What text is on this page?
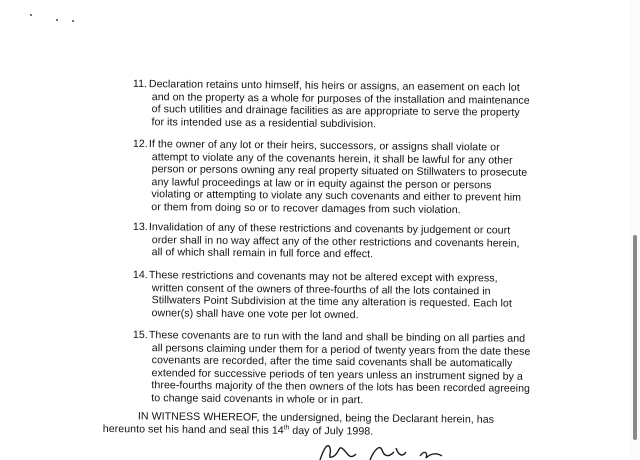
11. Declaration retains unto himself, his heirs or assigns, an easement on each lot
and on the property as a whole for purposes of the installation and maintenance
of such utilities and drainage facilities as are appropriate to serve the property
for its intended use as a residential subdivision.
12. If the owner of any lot or their heirs, successors, or assigns shall violate or
attempt to violate any of the covenants herein, it shall be lawful for any other
person or persons owning any real property situated on Stillwaters to prosecute
any lawful proceedings at law or in equity against the person or persons
violating or attempting to violate any such covenants and either to prevent him
or them from doing so or to recover damages from such violation.
13. Invalidation of any of these restrictions and covenants by judgement or court
order shall in no way affect any of the other restrictions and covenants herein,
all of which shall remain in full force and effect.
14. These restrictions and covenants may not be altered except with express,
written consent of the owners of three-fourths of all the lots contained in
Stillwaters Point Subdivision at the time any alteration is requested. Each lot
owner(s) shall have one vote per lot owned.
15. These covenants are to run with the land and shall be binding on all parties and
all persons claiming under them for a period of twenty years from the date these
covenants are recorded, after the time said covenants shall be automatically
extended for successive periods of ten years unless an instrument signed by a
three-fourths majority of the then owners of the lots has been recorded agreeing
to change said covenants in whole or in part.
IN WITNESS WHEREOF, the undersigned, being the Declarant herein, has
hereunto set his hand and seal this 14th day of July 1998.
